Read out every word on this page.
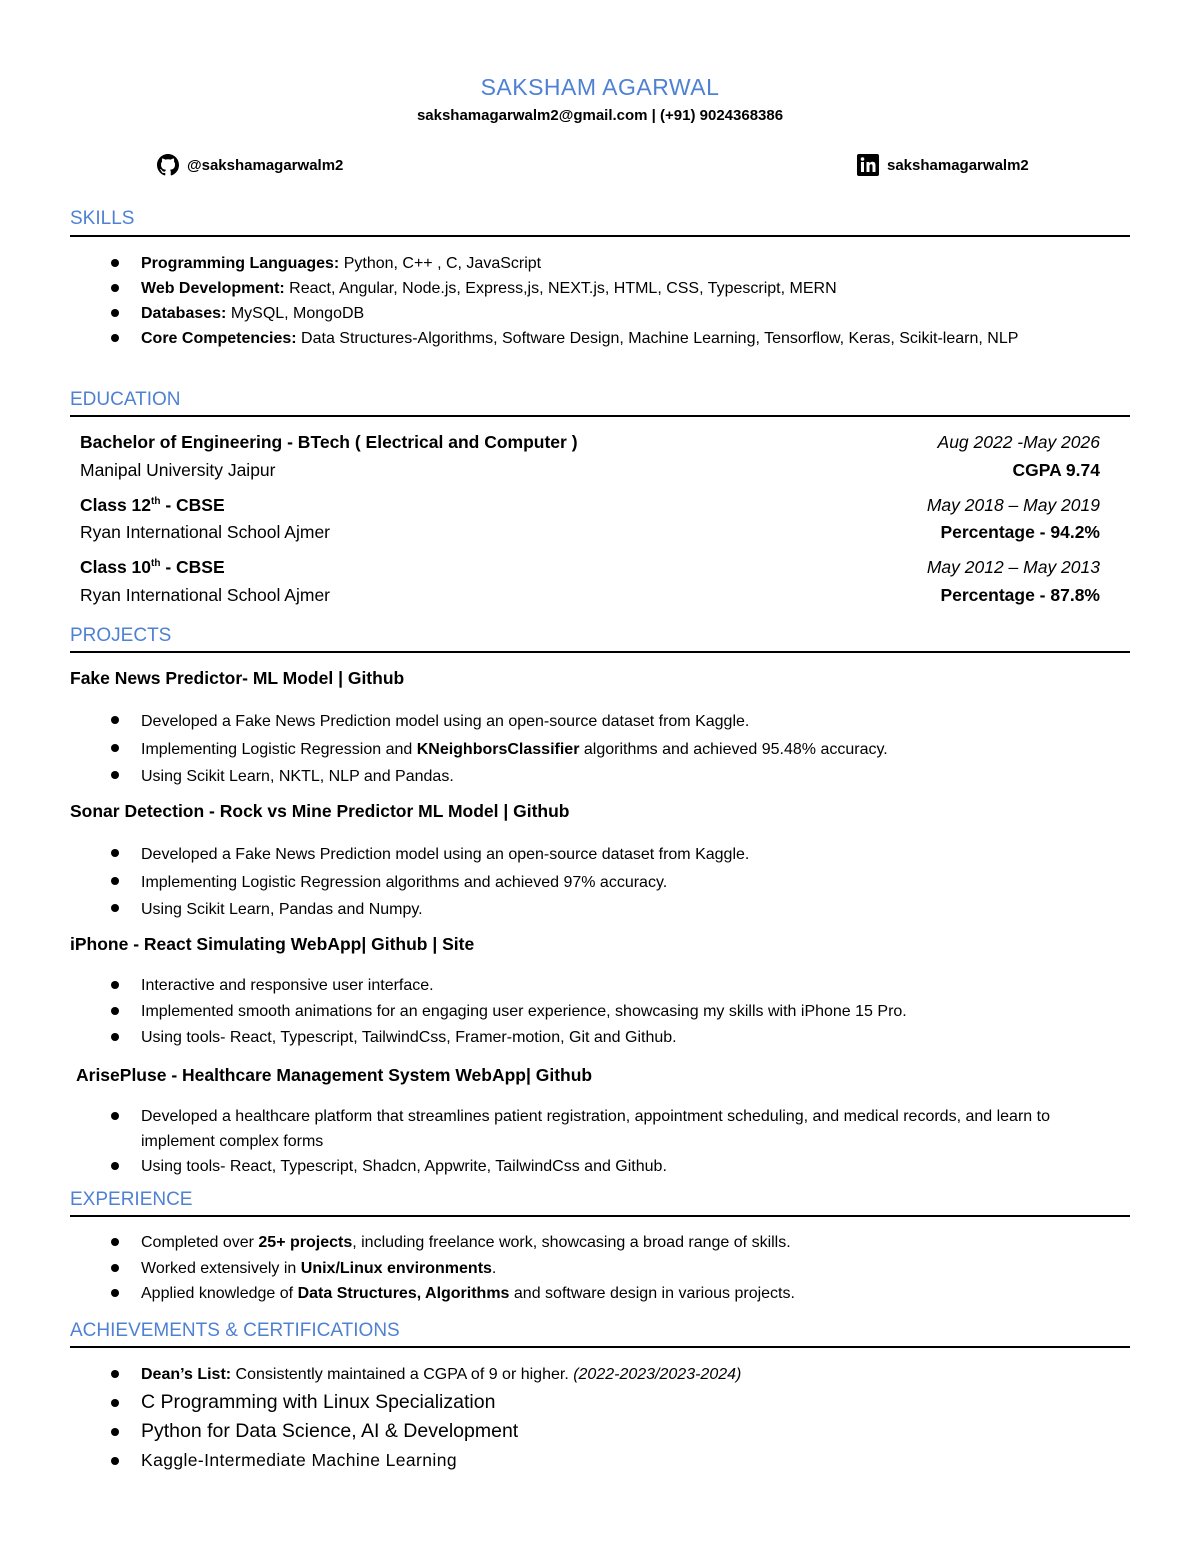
SAKSHAM AGARWAL
sakshamagarwalm2@gmail.com | (+91) 9024368386
@sakshamagarwalm2	sakshamagarwalm2
SKILLS
Programming Languages: Python, C++ , C, JavaScript
Web Development: React, Angular, Node.js, Express,js, NEXT.js, HTML, CSS, Typescript, MERN
Databases: MySQL, MongoDB
Core Competencies: Data Structures-Algorithms, Software Design, Machine Learning, Tensorflow, Keras, Scikit-learn, NLP
EDUCATION
Bachelor of Engineering - BTech ( Electrical and Computer )	Aug 2022 -May 2026
Manipal University Jaipur	CGPA 9.74
Class 12th - CBSE	May 2018 – May 2019
Ryan International School Ajmer	Percentage - 94.2%
Class 10th - CBSE	May 2012 – May 2013
Ryan International School Ajmer	Percentage - 87.8%
PROJECTS
Fake News Predictor- ML Model | Github
Developed a Fake News Prediction model using an open-source dataset from Kaggle.
Implementing Logistic Regression and KNeighborsClassifier algorithms and achieved 95.48% accuracy.
Using Scikit Learn, NKTL, NLP and Pandas.
Sonar Detection - Rock vs Mine Predictor ML Model | Github
Developed a Fake News Prediction model using an open-source dataset from Kaggle.
Implementing Logistic Regression algorithms and achieved 97% accuracy.
Using Scikit Learn, Pandas and Numpy.
iPhone - React Simulating WebApp| Github | Site
Interactive and responsive user interface.
Implemented smooth animations for an engaging user experience, showcasing my skills with iPhone 15 Pro.
Using tools- React, Typescript, TailwindCss, Framer-motion, Git and Github.
ArisePluse - Healthcare Management System WebApp| Github
Developed a healthcare platform that streamlines patient registration, appointment scheduling, and medical records, and learn to implement complex forms
Using tools- React, Typescript, Shadcn, Appwrite, TailwindCss and Github.
EXPERIENCE
Completed over 25+ projects, including freelance work, showcasing a broad range of skills.
Worked extensively in Unix/Linux environments.
Applied knowledge of Data Structures, Algorithms and software design in various projects.
ACHIEVEMENTS & CERTIFICATIONS
Dean’s List: Consistently maintained a CGPA of 9 or higher. (2022-2023/2023-2024)
C Programming with Linux Specialization
Python for Data Science, AI & Development
Kaggle-Intermediate Machine Learning
